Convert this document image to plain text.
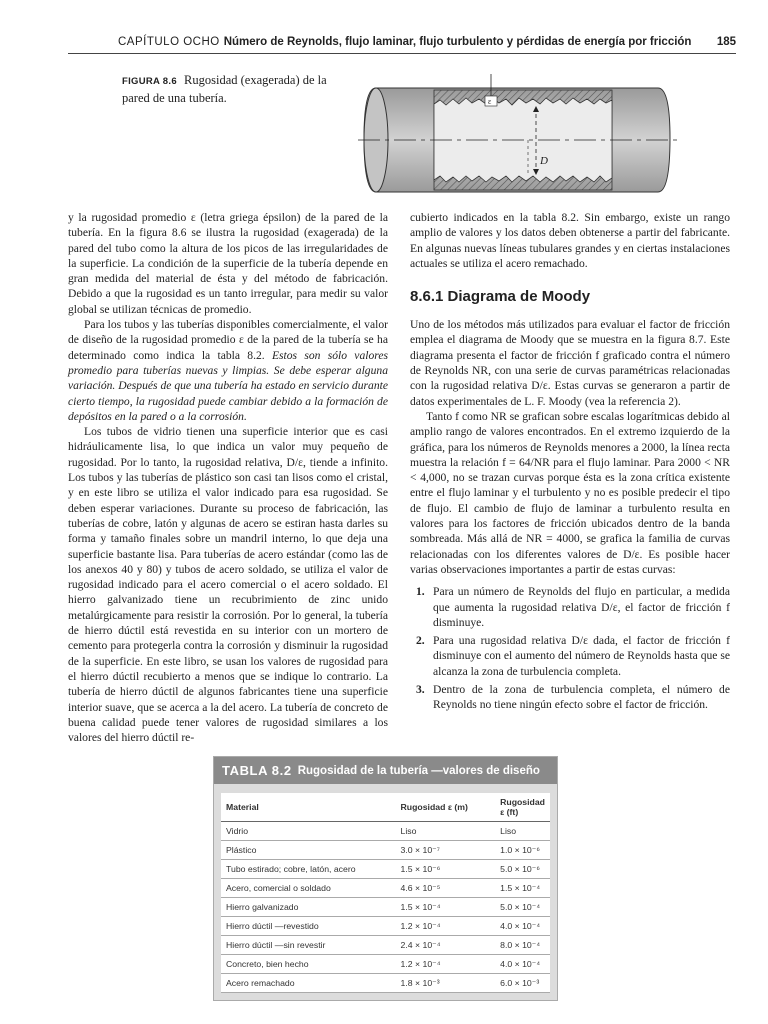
CAPÍTULO OCHO Número de Reynolds, flujo laminar, flujo turbulento y pérdidas de energía por fricción 185
FIGURA 8.6 Rugosidad (exagerada) de la pared de una tubería.	ε
D

y la rugosidad promedio ε (letra griega épsilon) de la pared de la tubería. En la figura 8.6 se ilustra la rugosidad (exagerada) de la pared del tubo como la altura de los picos de las irregularidades de la superficie. La condición de la superficie de la tubería depende en gran medida del material de ésta y del método de fabricación. Debido a que la rugosidad es un tanto irregular, para medir su valor global se utilizan técnicas de promedio.

Para los tubos y las tuberías disponibles comercialmente, el valor de diseño de la rugosidad promedio ε de la pared de la tubería se ha determinado como indica la tabla 8.2. Estos son sólo valores promedio para tuberías nuevas y limpias. Se debe esperar alguna variación. Después de que una tubería ha estado en servicio durante cierto tiempo, la rugosidad puede cambiar debido a la formación de depósitos en la pared o a la corrosión.

Los tubos de vidrio tienen una superficie interior que es casi hidráulicamente lisa, lo que indica un valor muy pequeño de rugosidad. Por lo tanto, la rugosidad relativa, D/ε, tiende a infinito. Los tubos y las tuberías de plástico son casi tan lisos como el cristal, y en este libro se utiliza el valor indicado para esa rugosidad. Se deben esperar variaciones. Durante su proceso de fabricación, las tuberías de cobre, latón y algunas de acero se estiran hasta darles su forma y tamaño finales sobre un mandril interno, lo que deja una superficie bastante lisa. Para tuberías de acero estándar (como las de los anexos 40 y 80) y tubos de acero soldado, se utiliza el valor de rugosidad indicado para el acero comercial o el acero soldado. El hierro galvanizado tiene un recubrimiento de zinc unido metalúrgicamente para resistir la corrosión. Por lo general, la tubería de hierro dúctil está revestida en su interior con un mortero de cemento para protegerla contra la corrosión y disminuir la rugosidad de la superficie. En este libro, se usan los valores de rugosidad para el hierro dúctil recubierto a menos que se indique lo contrario. La tubería de hierro dúctil de algunos fabricantes tiene una superficie interior suave, que se acerca a la del acero. La tubería de concreto de buena calidad puede tener valores de rugosidad similares a los valores del hierro dúctil re-

cubierto indicados en la tabla 8.2. Sin embargo, existe un rango amplio de valores y los datos deben obtenerse a partir del fabricante. En algunas nuevas líneas tubulares grandes y en ciertas instalaciones actuales se utiliza el acero remachado.

8.6.1 Diagrama de Moody

Uno de los métodos más utilizados para evaluar el factor de fricción emplea el diagrama de Moody que se muestra en la figura 8.7. Este diagrama presenta el factor de fricción f graficado contra el número de Reynolds NR, con una serie de curvas paramétricas relacionadas con la rugosidad relativa D/ε. Estas curvas se generaron a partir de datos experimentales de L. F. Moody (vea la referencia 2).

Tanto f como NR se grafican sobre escalas logarítmicas debido al amplio rango de valores encontrados. En el extremo izquierdo de la gráfica, para los números de Reynolds menores a 2000, la línea recta muestra la relación f = 64/NR para el flujo laminar. Para 2000 < NR < 4,000, no se trazan curvas porque ésta es la zona crítica existente entre el flujo laminar y el turbulento y no es posible predecir el tipo de flujo. El cambio de flujo de laminar a turbulento resulta en valores para los factores de fricción ubicados dentro de la banda sombreada. Más allá de NR = 4000, se grafica la familia de curvas relacionadas con los diferentes valores de D/ε. Es posible hacer varias observaciones importantes a partir de estas curvas:

1. Para un número de Reynolds del flujo en particular, a medida que aumenta la rugosidad relativa D/ε, el factor de fricción f disminuye.
2. Para una rugosidad relativa D/ε dada, el factor de fricción f disminuye con el aumento del número de Reynolds hasta que se alcanza la zona de turbulencia completa.
3. Dentro de la zona de turbulencia completa, el número de Reynolds no tiene ningún efecto sobre el factor de fricción.
TABLA 8.2 Rugosidad de la tubería —valores de diseño
Material	Rugosidad ε (m)	Rugosidad ε (ft)
Vidrio	Liso	Liso
Plástico	3.0 × 10⁻⁷	1.0 × 10⁻⁶
Tubo estirado; cobre, latón, acero	1.5 × 10⁻⁶	5.0 × 10⁻⁶
Acero, comercial o soldado	4.6 × 10⁻⁵	1.5 × 10⁻⁴
Hierro galvanizado	1.5 × 10⁻⁴	5.0 × 10⁻⁴
Hierro dúctil —revestido	1.2 × 10⁻⁴	4.0 × 10⁻⁴
Hierro dúctil —sin revestir	2.4 × 10⁻⁴	8.0 × 10⁻⁴
Concreto, bien hecho	1.2 × 10⁻⁴	4.0 × 10⁻⁴
Acero remachado	1.8 × 10⁻³	6.0 × 10⁻³
